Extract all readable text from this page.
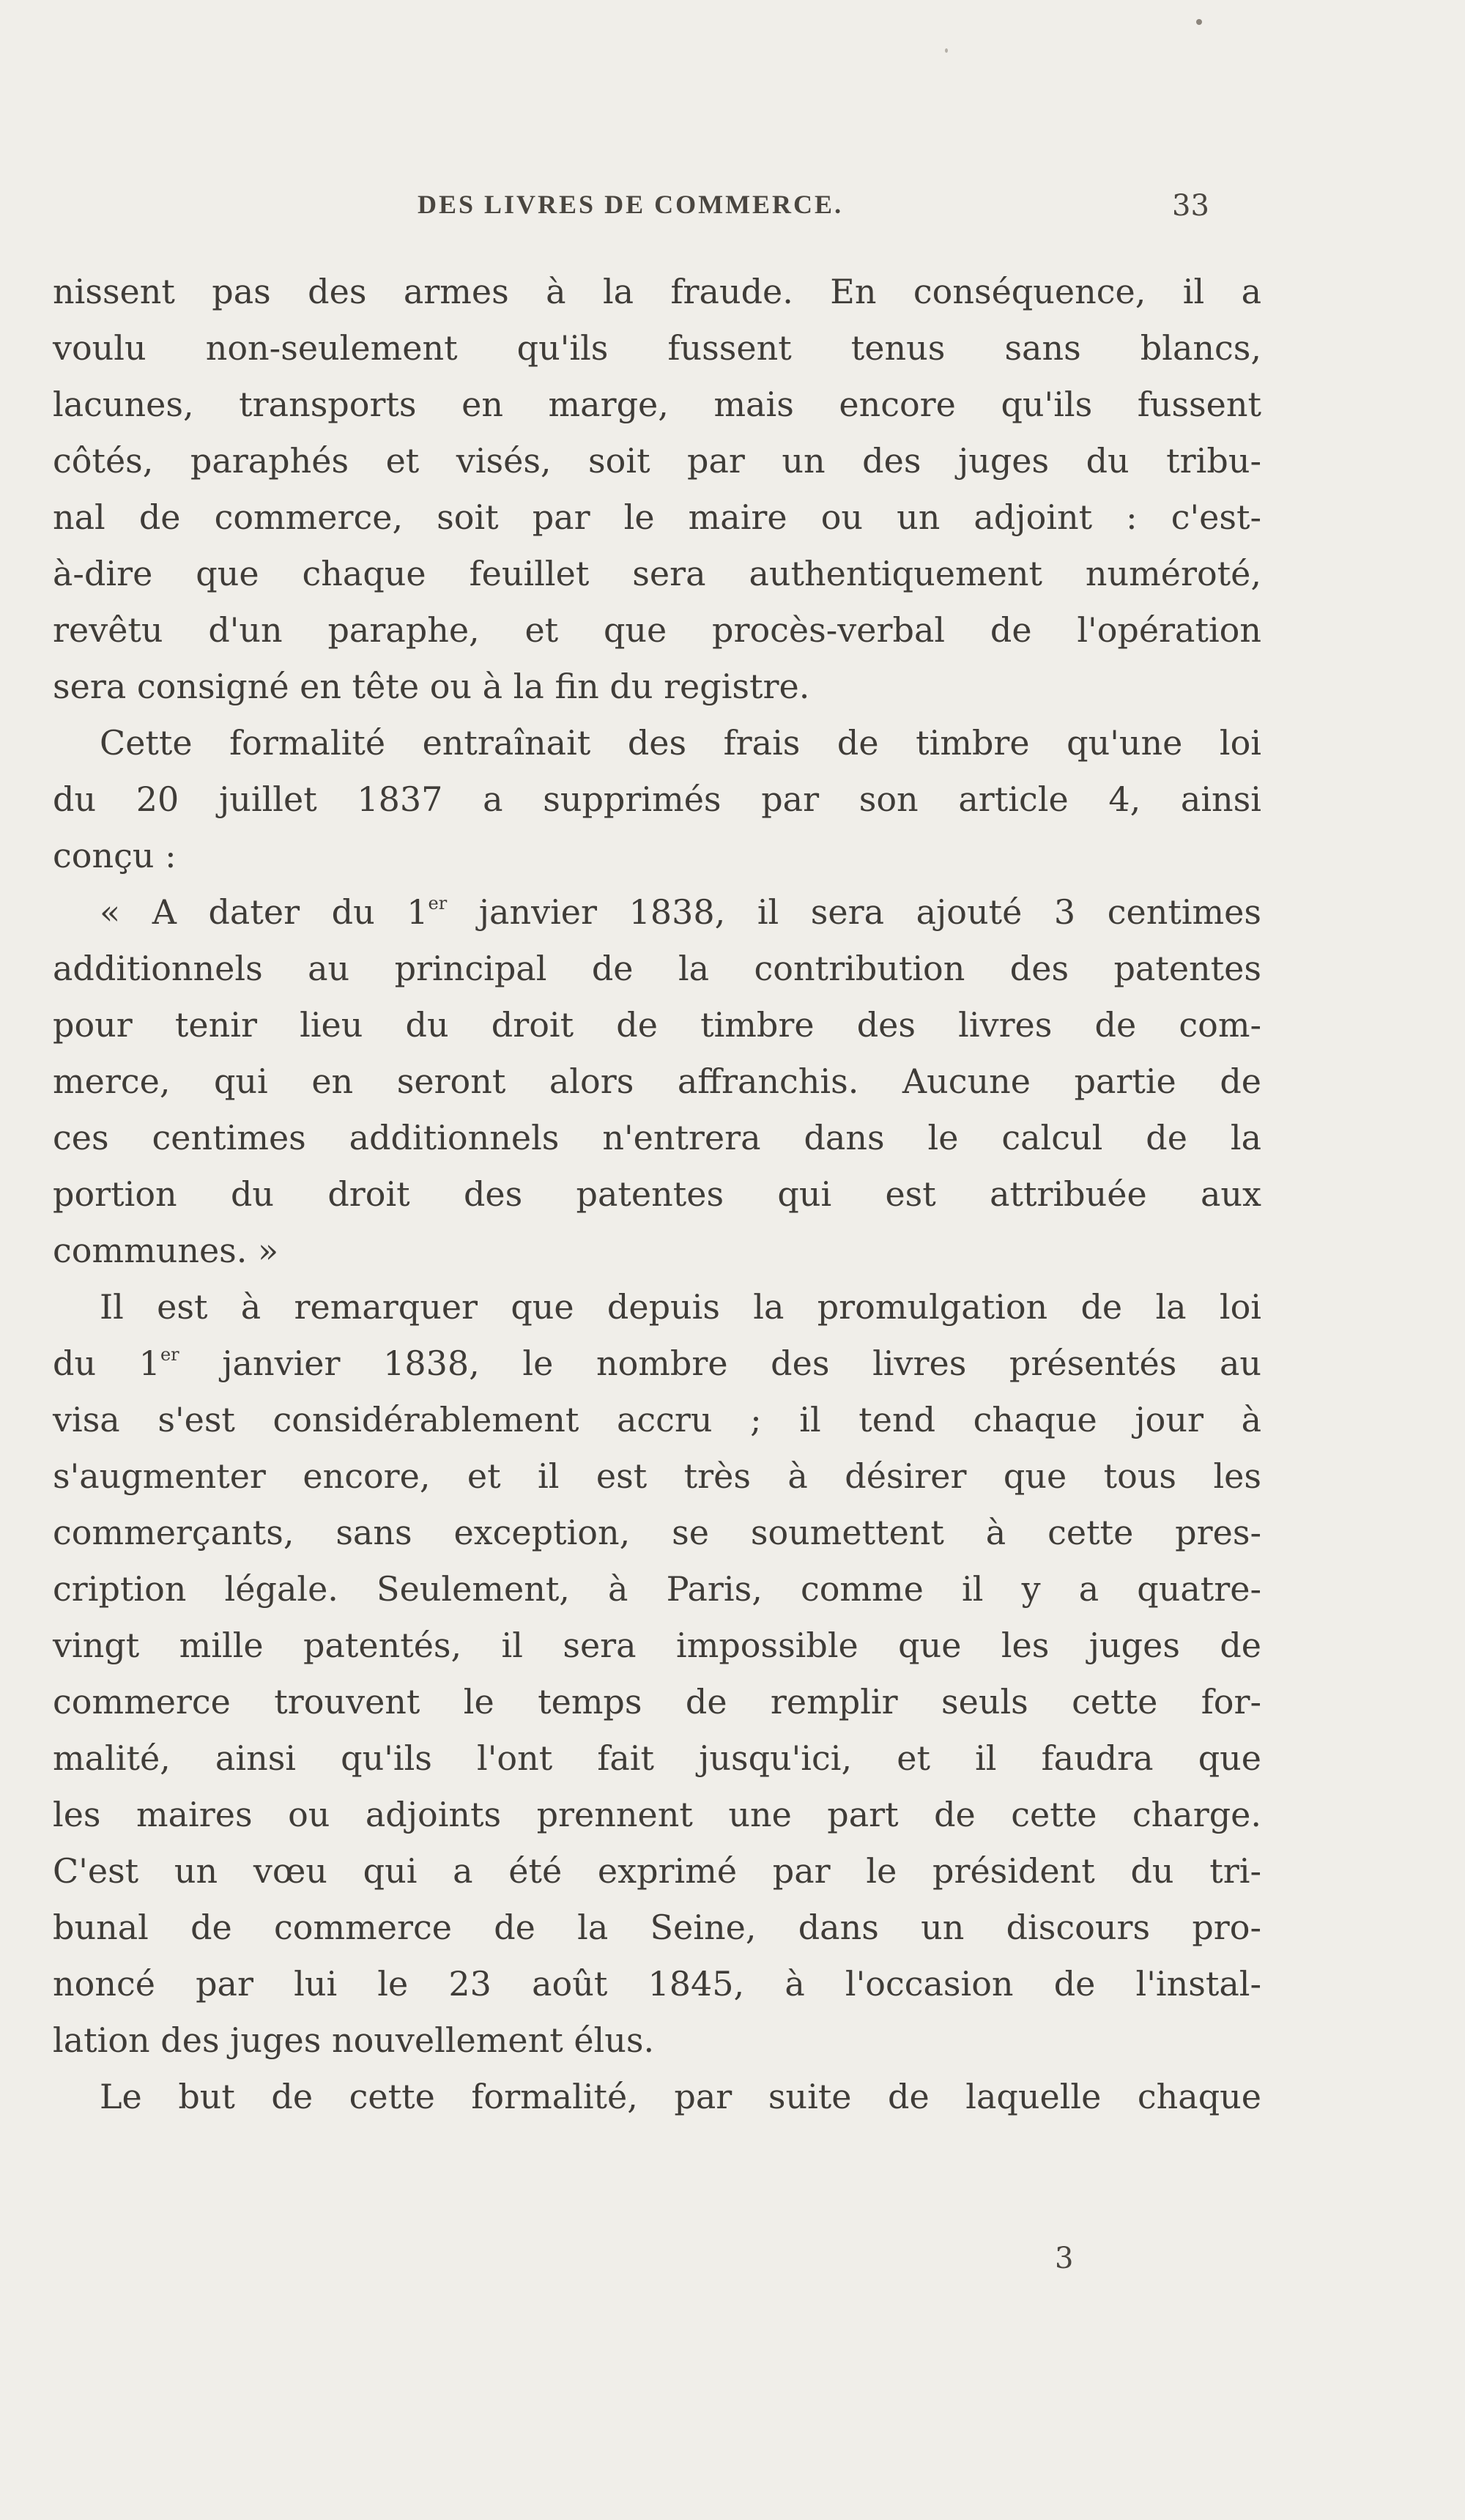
DES LIVRES DE COMMERCE.	33
nissent pas des armes à la fraude. En conséquence, il a
voulu non-seulement qu'ils fussent tenus sans blancs,
lacunes, transports en marge, mais encore qu'ils fussent
côtés, paraphés et visés, soit par un des juges du tribu-
nal de commerce, soit par le maire ou un adjoint : c'est-
à-dire que chaque feuillet sera authentiquement numéroté,
revêtu d'un paraphe, et que procès-verbal de l'opération
sera consigné en tête ou à la fin du registre.
Cette formalité entraînait des frais de timbre qu'une loi
du 20 juillet 1837 a supprimés par son article 4, ainsi
conçu :
« A dater du 1er janvier 1838, il sera ajouté 3 centimes
additionnels au principal de la contribution des patentes
pour tenir lieu du droit de timbre des livres de com-
merce, qui en seront alors affranchis. Aucune partie de
ces centimes additionnels n'entrera dans le calcul de la
portion du droit des patentes qui est attribuée aux
communes. »
Il est à remarquer que depuis la promulgation de la loi
du 1er janvier 1838, le nombre des livres présentés au
visa s'est considérablement accru ; il tend chaque jour à
s'augmenter encore, et il est très à désirer que tous les
commerçants, sans exception, se soumettent à cette pres-
cription légale. Seulement, à Paris, comme il y a quatre-
vingt mille patentés, il sera impossible que les juges de
commerce trouvent le temps de remplir seuls cette for-
malité, ainsi qu'ils l'ont fait jusqu'ici, et il faudra que
les maires ou adjoints prennent une part de cette charge.
C'est un vœu qui a été exprimé par le président du tri-
bunal de commerce de la Seine, dans un discours pro-
noncé par lui le 23 août 1845, à l'occasion de l'instal-
lation des juges nouvellement élus.
Le but de cette formalité, par suite de laquelle chaque
3
